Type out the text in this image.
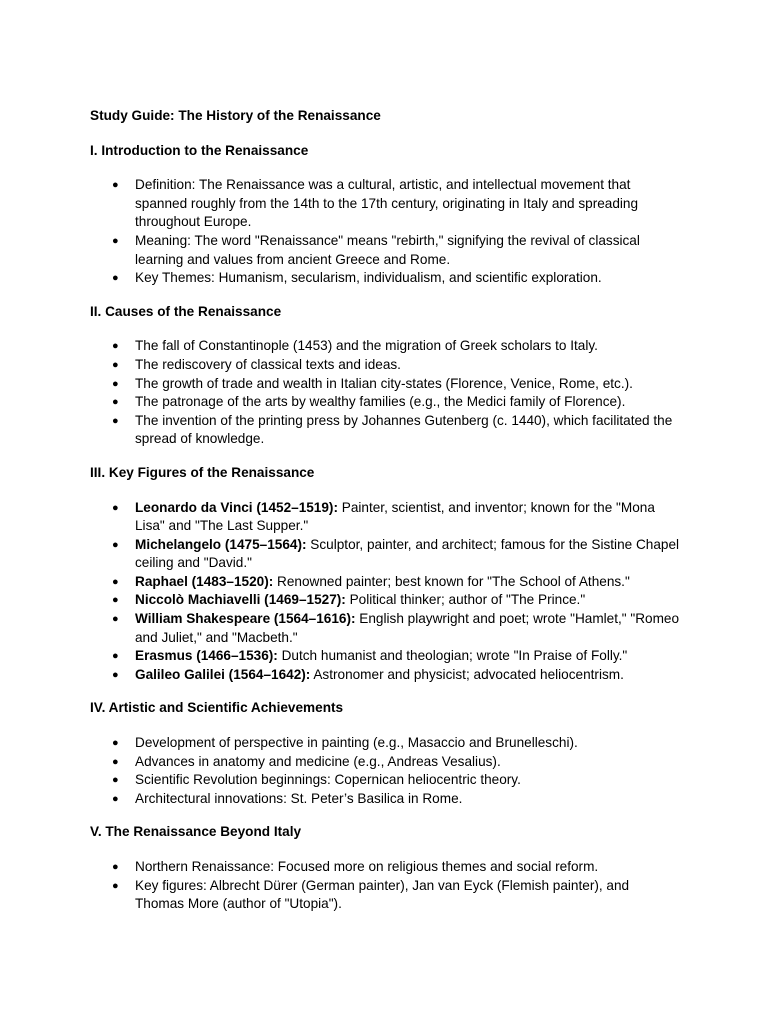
Study Guide: The History of the Renaissance
I. Introduction to the Renaissance
● Definition: The Renaissance was a cultural, artistic, and intellectual movement that spanned roughly from the 14th to the 17th century, originating in Italy and spreading throughout Europe.
● Meaning: The word "Renaissance" means "rebirth," signifying the revival of classical learning and values from ancient Greece and Rome.
● Key Themes: Humanism, secularism, individualism, and scientific exploration.
II. Causes of the Renaissance
● The fall of Constantinople (1453) and the migration of Greek scholars to Italy.
● The rediscovery of classical texts and ideas.
● The growth of trade and wealth in Italian city-states (Florence, Venice, Rome, etc.).
● The patronage of the arts by wealthy families (e.g., the Medici family of Florence).
● The invention of the printing press by Johannes Gutenberg (c. 1440), which facilitated the spread of knowledge.
III. Key Figures of the Renaissance
● Leonardo da Vinci (1452–1519): Painter, scientist, and inventor; known for the "Mona Lisa" and "The Last Supper."
● Michelangelo (1475–1564): Sculptor, painter, and architect; famous for the Sistine Chapel ceiling and "David."
● Raphael (1483–1520): Renowned painter; best known for "The School of Athens."
● Niccolò Machiavelli (1469–1527): Political thinker; author of "The Prince."
● William Shakespeare (1564–1616): English playwright and poet; wrote "Hamlet," "Romeo and Juliet," and "Macbeth."
● Erasmus (1466–1536): Dutch humanist and theologian; wrote "In Praise of Folly."
● Galileo Galilei (1564–1642): Astronomer and physicist; advocated heliocentrism.
IV. Artistic and Scientific Achievements
● Development of perspective in painting (e.g., Masaccio and Brunelleschi).
● Advances in anatomy and medicine (e.g., Andreas Vesalius).
● Scientific Revolution beginnings: Copernican heliocentric theory.
● Architectural innovations: St. Peter’s Basilica in Rome.
V. The Renaissance Beyond Italy
● Northern Renaissance: Focused more on religious themes and social reform.
● Key figures: Albrecht Dürer (German painter), Jan van Eyck (Flemish painter), and Thomas More (author of "Utopia").
